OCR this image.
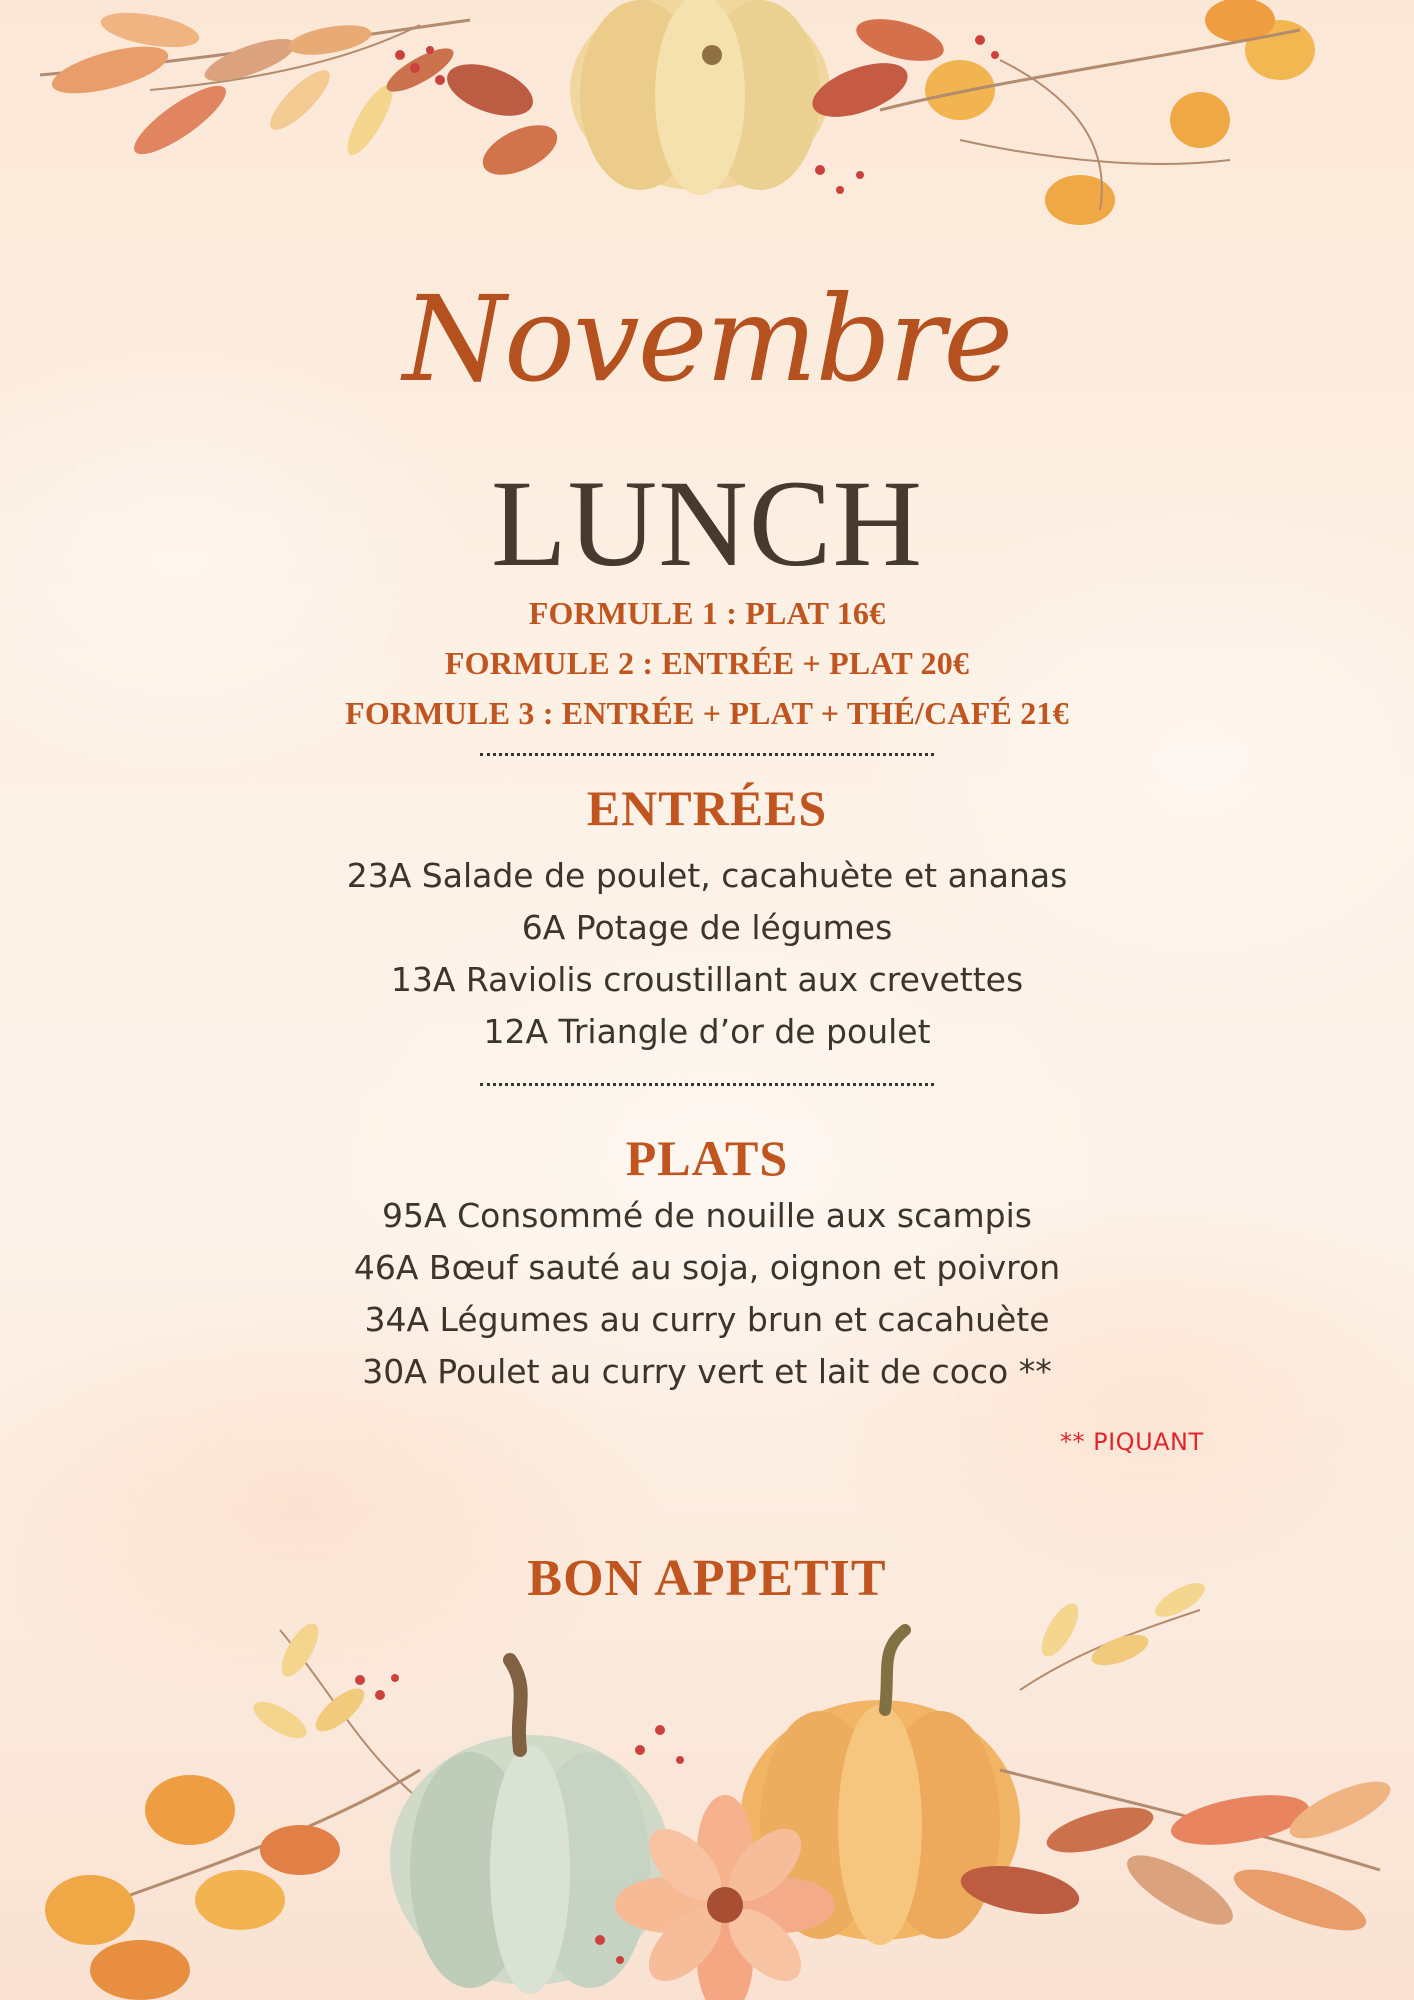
Novembre
LUNCH
FORMULE 1 : PLAT 16€
FORMULE 2 : ENTRÉE + PLAT 20€
FORMULE 3 : ENTRÉE + PLAT + THÉ/CAFÉ 21€
ENTRÉES
23A Salade de poulet, cacahuète et ananas
6A Potage de légumes
13A Raviolis croustillant aux crevettes
12A Triangle d’or de poulet
PLATS
95A Consommé de nouille aux scampis
46A Bœuf sauté au soja, oignon et poivron
34A Légumes au curry brun et cacahuète
30A Poulet au curry vert et lait de coco **
** PIQUANT
BON APPETIT
